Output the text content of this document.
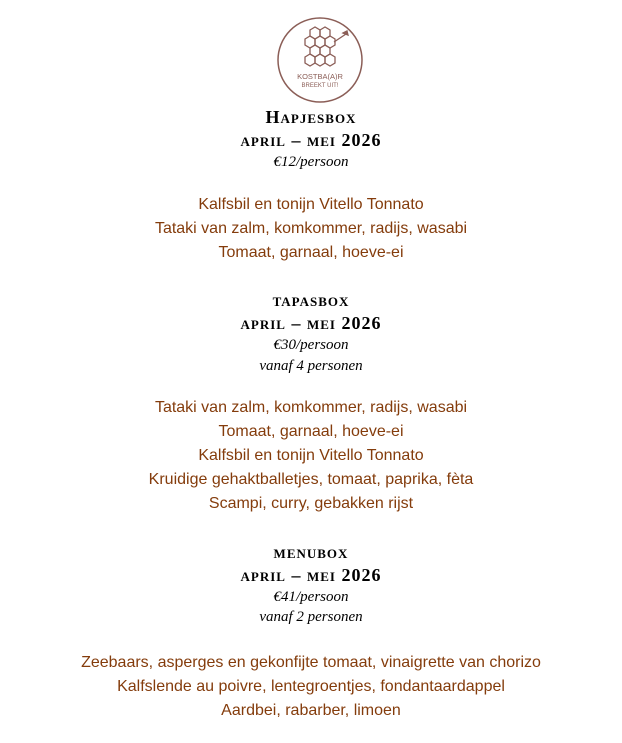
KOSTBA(A)R
BREEKT UIT!
Hapjesbox
april – mei 2026
€12/persoon
Kalfsbil en tonijn Vitello Tonnato
Tataki van zalm, komkommer, radijs, wasabi
Tomaat, garnaal, hoeve-ei
tapasbox
april – mei 2026
€30/persoon
vanaf 4 personen
Tataki van zalm, komkommer, radijs, wasabi
Tomaat, garnaal, hoeve-ei
Kalfsbil en tonijn Vitello Tonnato
Kruidige gehaktballetjes, tomaat, paprika, fèta
Scampi, curry, gebakken rijst
menubox
april – mei 2026
€41/persoon
vanaf 2 personen
Zeebaars, asperges en gekonfijte tomaat, vinaigrette van chorizo
Kalfslende au poivre, lentegroentjes, fondantaardappel
Aardbei, rabarber, limoen
